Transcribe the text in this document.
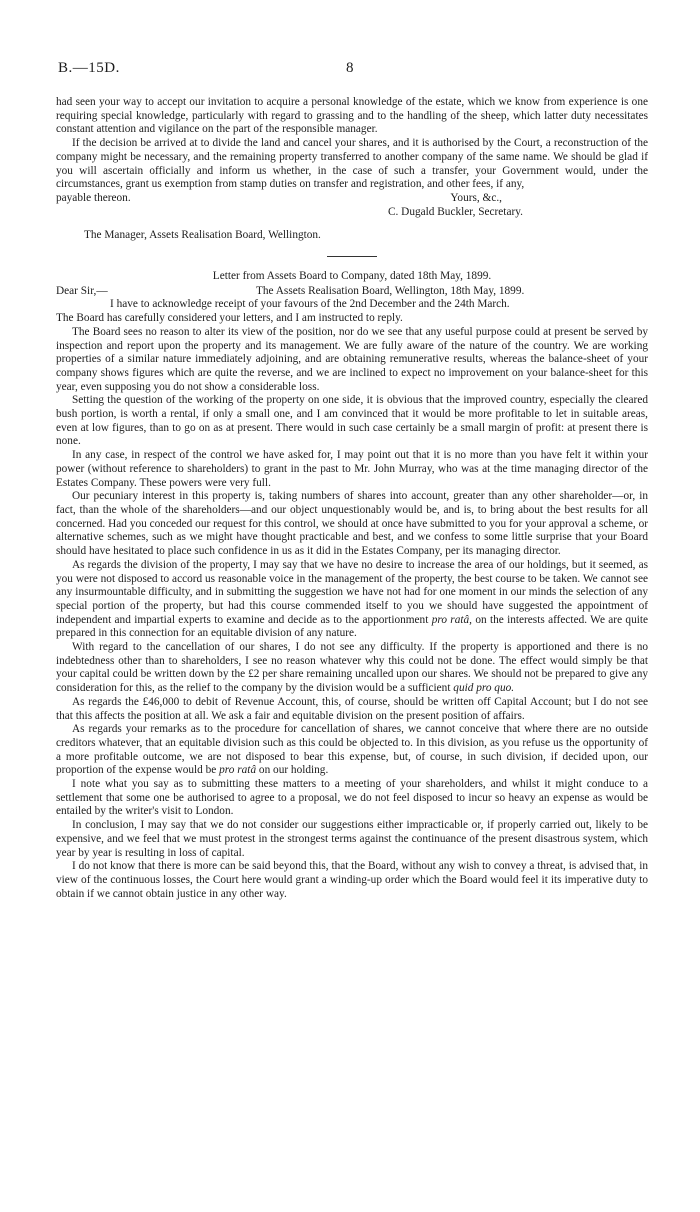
B.—15D.	8

had seen your way to accept our invitation to acquire a personal knowledge of the estate, which we know from experience is one requiring special knowledge, particularly with regard to grassing and to the handling of the sheep, which latter duty necessitates constant attention and vigilance on the part of the responsible manager.

If the decision be arrived at to divide the land and cancel your shares, and it is authorised by the Court, a reconstruction of the company might be necessary, and the remaining property transferred to another company of the same name. We should be glad if you will ascertain officially and inform us whether, in the case of such a transfer, your Government would, under the circumstances, grant us exemption from stamp duties on transfer and registration, and other fees, if any,

payable thereon.	Yours, &c.,
C. Dugald Buckler, Secretary.
The Manager, Assets Realisation Board, Wellington.
Letter from Assets Board to Company, dated 18th May, 1899.
Dear Sir,—	The Assets Realisation Board, Wellington, 18th May, 1899.

I have to acknowledge receipt of your favours of the 2nd December and the 24th March.

The Board has carefully considered your letters, and I am instructed to reply.

The Board sees no reason to alter its view of the position, nor do we see that any useful purpose could at present be served by inspection and report upon the property and its management. We are fully aware of the nature of the country. We are working properties of a similar nature immediately adjoining, and are obtaining remunerative results, whereas the balance-sheet of your company shows figures which are quite the reverse, and we are inclined to expect no improvement on your balance-sheet for this year, even supposing you do not show a considerable loss.

Setting the question of the working of the property on one side, it is obvious that the improved country, especially the cleared bush portion, is worth a rental, if only a small one, and I am convinced that it would be more profitable to let in suitable areas, even at low figures, than to go on as at present. There would in such case certainly be a small margin of profit: at present there is none.

In any case, in respect of the control we have asked for, I may point out that it is no more than you have felt it within your power (without reference to shareholders) to grant in the past to Mr. John Murray, who was at the time managing director of the Estates Company. These powers were very full.

Our pecuniary interest in this property is, taking numbers of shares into account, greater than any other shareholder—or, in fact, than the whole of the shareholders—and our object unquestionably would be, and is, to bring about the best results for all concerned. Had you conceded our request for this control, we should at once have submitted to you for your approval a scheme, or alternative schemes, such as we might have thought practicable and best, and we confess to some little surprise that your Board should have hesitated to place such confidence in us as it did in the Estates Company, per its managing director.

As regards the division of the property, I may say that we have no desire to increase the area of our holdings, but it seemed, as you were not disposed to accord us reasonable voice in the management of the property, the best course to be taken. We cannot see any insurmountable difficulty, and in submitting the suggestion we have not had for one moment in our minds the selection of any special portion of the property, but had this course commended itself to you we should have suggested the appointment of independent and impartial experts to examine and decide as to the apportionment pro ratâ, on the interests affected. We are quite prepared in this connection for an equitable division of any nature.

With regard to the cancellation of our shares, I do not see any difficulty. If the property is apportioned and there is no indebtedness other than to shareholders, I see no reason whatever why this could not be done. The effect would simply be that your capital could be written down by the £2 per share remaining uncalled upon our shares. We should not be prepared to give any consideration for this, as the relief to the company by the division would be a sufficient quid pro quo.

As regards the £46,000 to debit of Revenue Account, this, of course, should be written off Capital Account; but I do not see that this affects the position at all. We ask a fair and equitable division on the present position of affairs.

As regards your remarks as to the procedure for cancellation of shares, we cannot conceive that where there are no outside creditors whatever, that an equitable division such as this could be objected to. In this division, as you refuse us the opportunity of a more profitable outcome, we are not disposed to bear this expense, but, of course, in such division, if decided upon, our proportion of the expense would be pro ratâ on our holding.

I note what you say as to submitting these matters to a meeting of your shareholders, and whilst it might conduce to a settlement that some one be authorised to agree to a proposal, we do not feel disposed to incur so heavy an expense as would be entailed by the writer's visit to London.

In conclusion, I may say that we do not consider our suggestions either impracticable or, if properly carried out, likely to be expensive, and we feel that we must protest in the strongest terms against the continuance of the present disastrous system, which year by year is resulting in loss of capital.

I do not know that there is more can be said beyond this, that the Board, without any wish to convey a threat, is advised that, in view of the continuous losses, the Court here would grant a winding-up order which the Board would feel it its imperative duty to obtain if we cannot obtain justice in any other way.
